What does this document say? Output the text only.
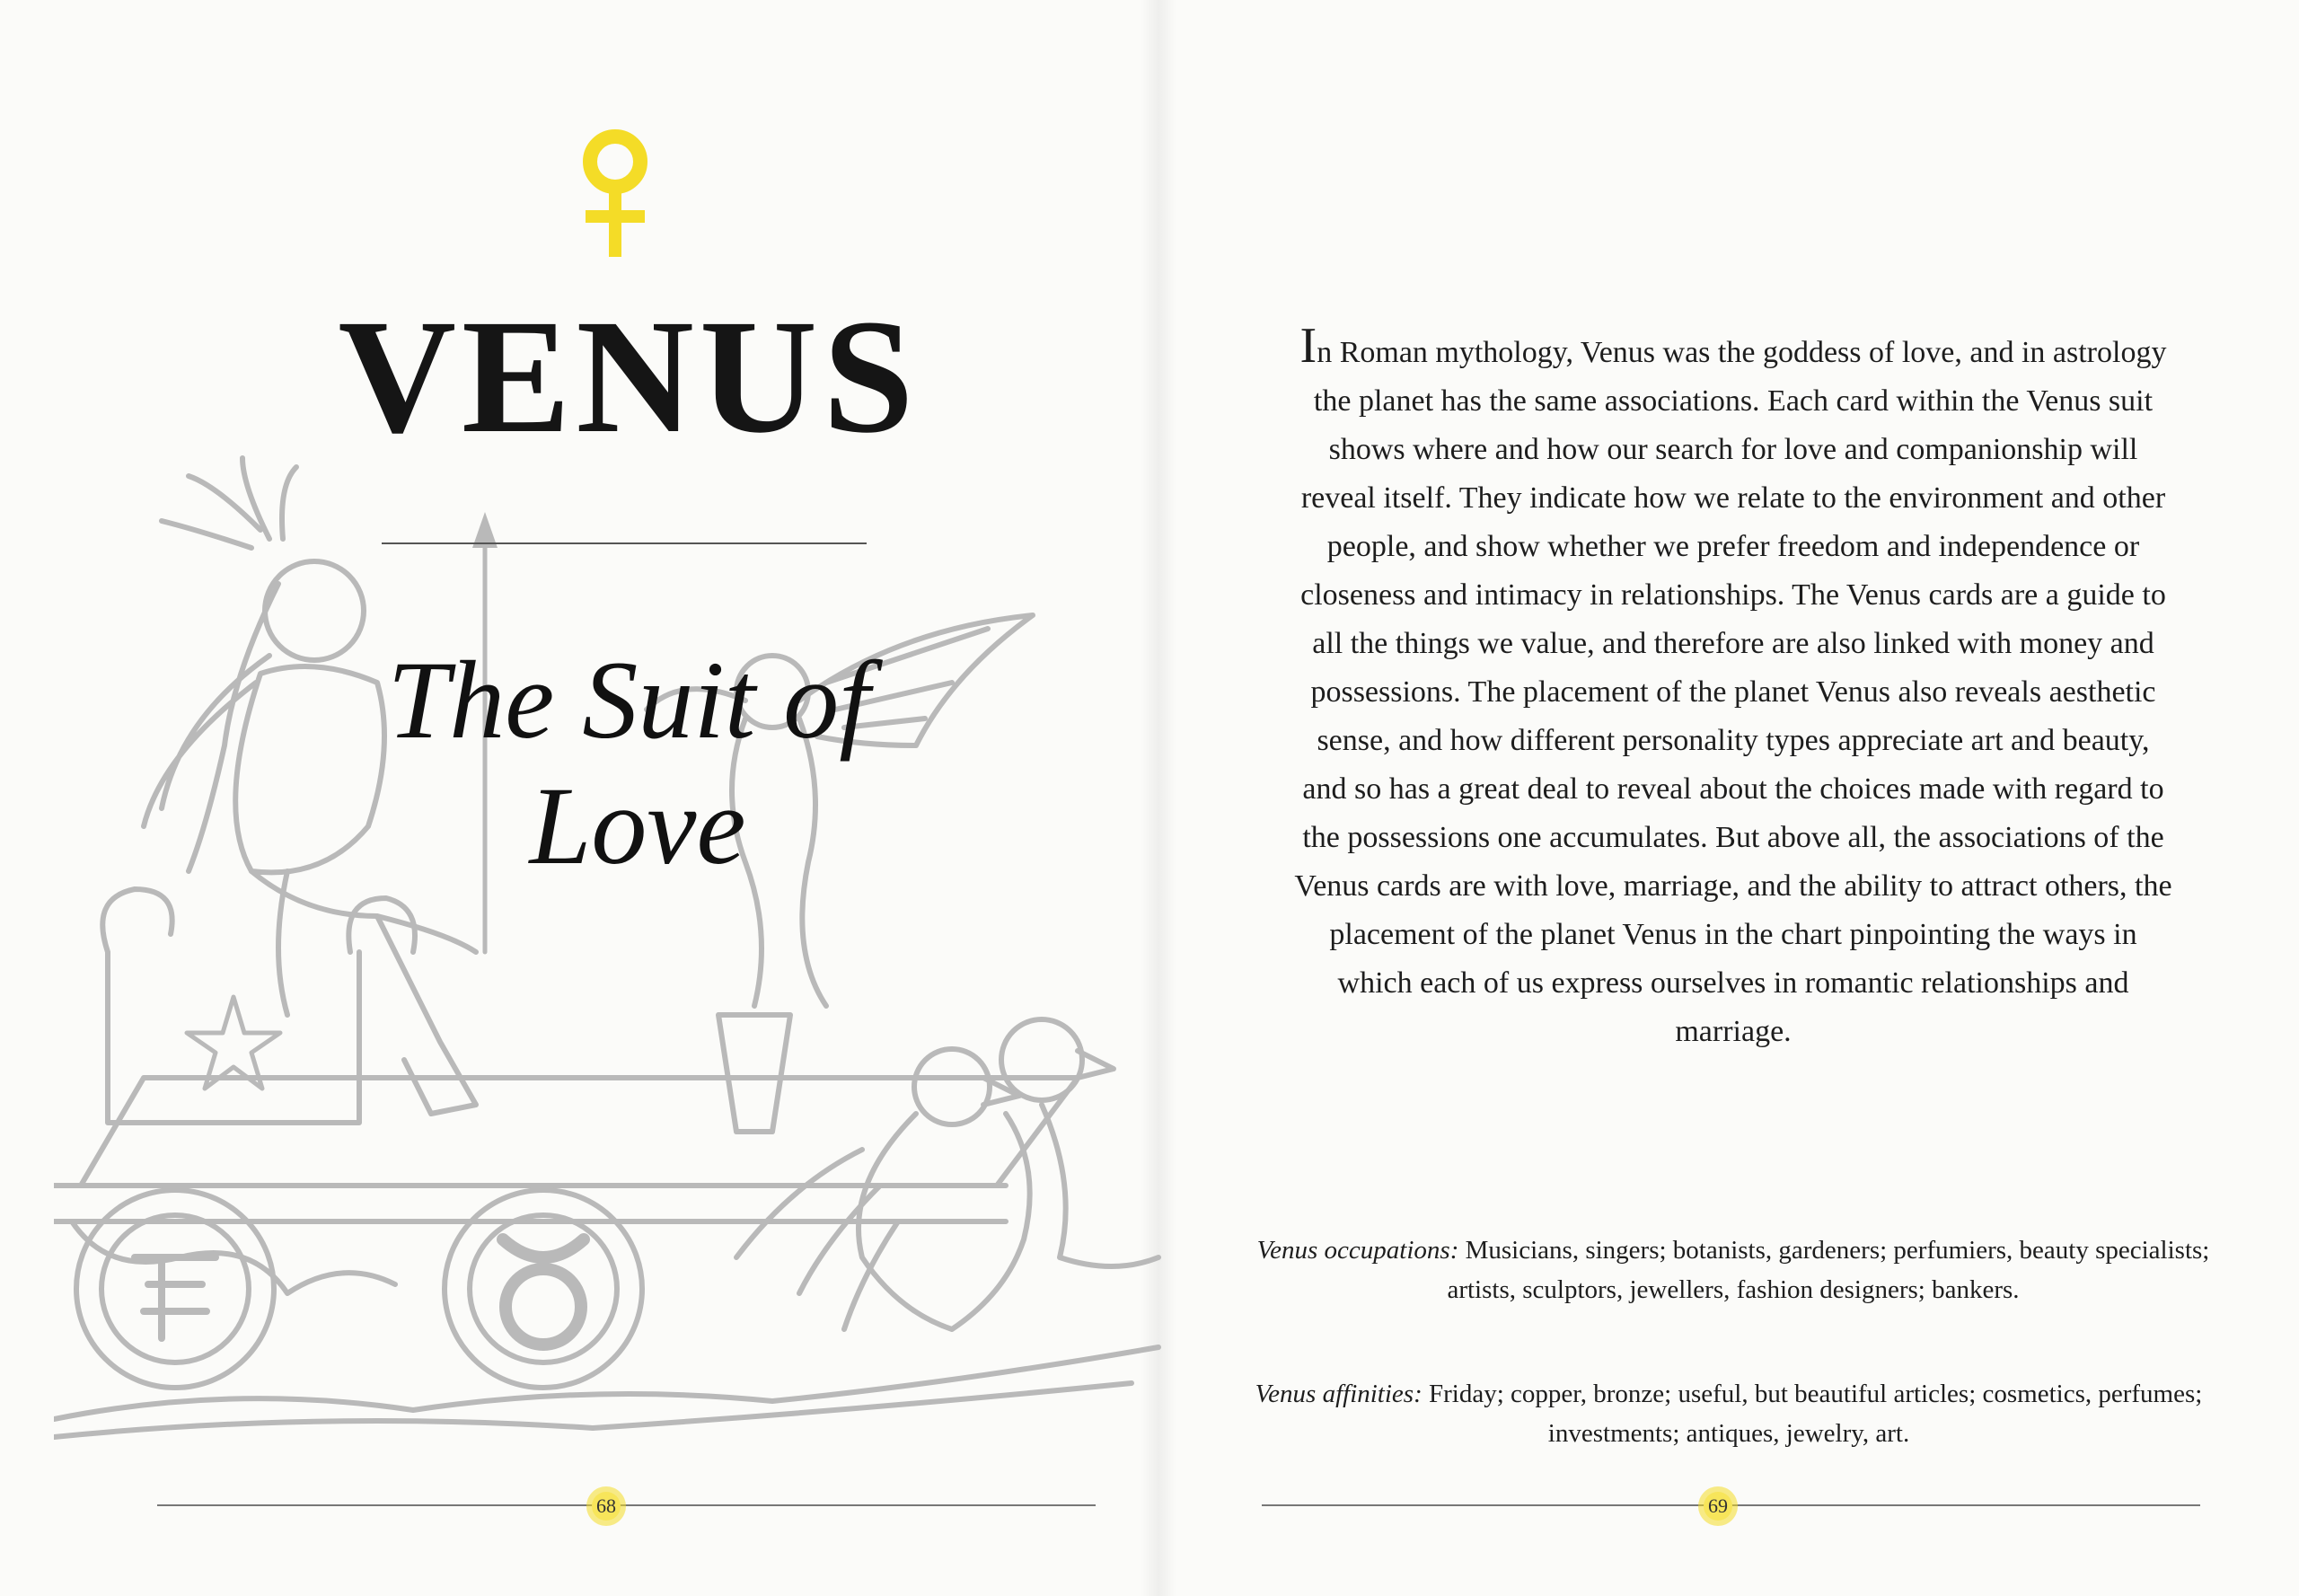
VENUS
The Suit of
Love
68
In Roman mythology, Venus was the goddess of love, and in astrology the planet has the same associations. Each card within the Venus suit shows where and how our search for love and companionship will reveal itself. They indicate how we relate to the environment and other people, and show whether we prefer freedom and independence or closeness and intimacy in relationships. The Venus cards are a guide to all the things we value, and therefore are also linked with money and possessions. The placement of the planet Venus also reveals aesthetic sense, and how different personality types appreciate art and beauty, and so has a great deal to reveal about the choices made with regard to the possessions one accumulates. But above all, the associations of the Venus cards are with love, marriage, and the ability to attract others, the placement of the planet Venus in the chart pinpointing the ways in which each of us express ourselves in romantic relationships and marriage.
Venus occupations: Musicians, singers; botanists, gardeners; perfumiers, beauty specialists; artists, sculptors, jewellers, fashion designers; bankers.
Venus affinities: Friday; copper, bronze; useful, but beautiful articles; cosmetics, perfumes; investments; antiques, jewelry, art.
69
